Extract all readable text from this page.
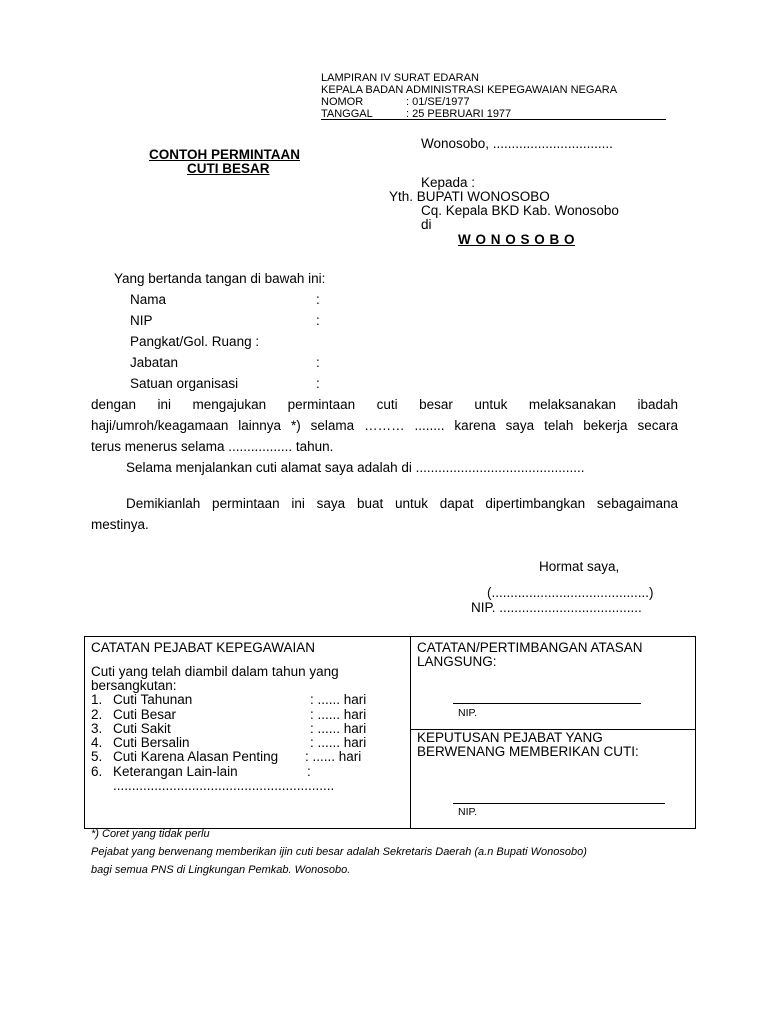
LAMPIRAN IV SURAT EDARAN
KEPALA BADAN ADMINISTRASI KEPEGAWAIAN NEGARA
NOMOR	: 01/SE/1977
TANGGAL	: 25 PEBRUARI 1977
Wonosobo, ................................
CONTOH PERMINTAAN
CUTI BESAR
Kepada :
Yth. BUPATI WONOSOBO
Cq. Kepala BKD Kab. Wonosobo
di
W O N O S O B O
Yang bertanda tangan di bawah ini:
Nama	:
NIP	:
Pangkat/Gol. Ruang :
Jabatan	:
Satuan organisasi	:
dengan ini mengajukan permintaan cuti besar untuk melaksanakan ibadah
haji/umroh/keagamaan lainnya *) selama ……… ........ karena saya telah bekerja secara
terus menerus selama ................. tahun.
Selama menjalankan cuti alamat saya adalah di .............................................
Demikianlah permintaan ini saya buat untuk dapat dipertimbangkan sebagaimana
mestinya.
Hormat saya,
(..........................................)
NIP. ......................................
CATATAN PEJABAT KEPEGAWAIAN
Cuti yang telah diambil dalam tahun yang
bersangkutan:
1. Cuti Tahunan	: ...... hari
2. Cuti Besar	: ...... hari
3. Cuti Sakit	: ...... hari
4. Cuti Bersalin	: ...... hari
5. Cuti Karena Alasan Penting : ...... hari
6. Keterangan Lain-lain	:
...........................................................
CATATAN/PERTIMBANGAN ATASAN
LANGSUNG:
NIP.
KEPUTUSAN PEJABAT YANG
BERWENANG MEMBERIKAN CUTI:
NIP.
*) Coret yang tidak perlu
Pejabat yang berwenang memberikan ijin cuti besar adalah Sekretaris Daerah (a.n Bupati Wonosobo)
bagi semua PNS di Lingkungan Pemkab. Wonosobo.
